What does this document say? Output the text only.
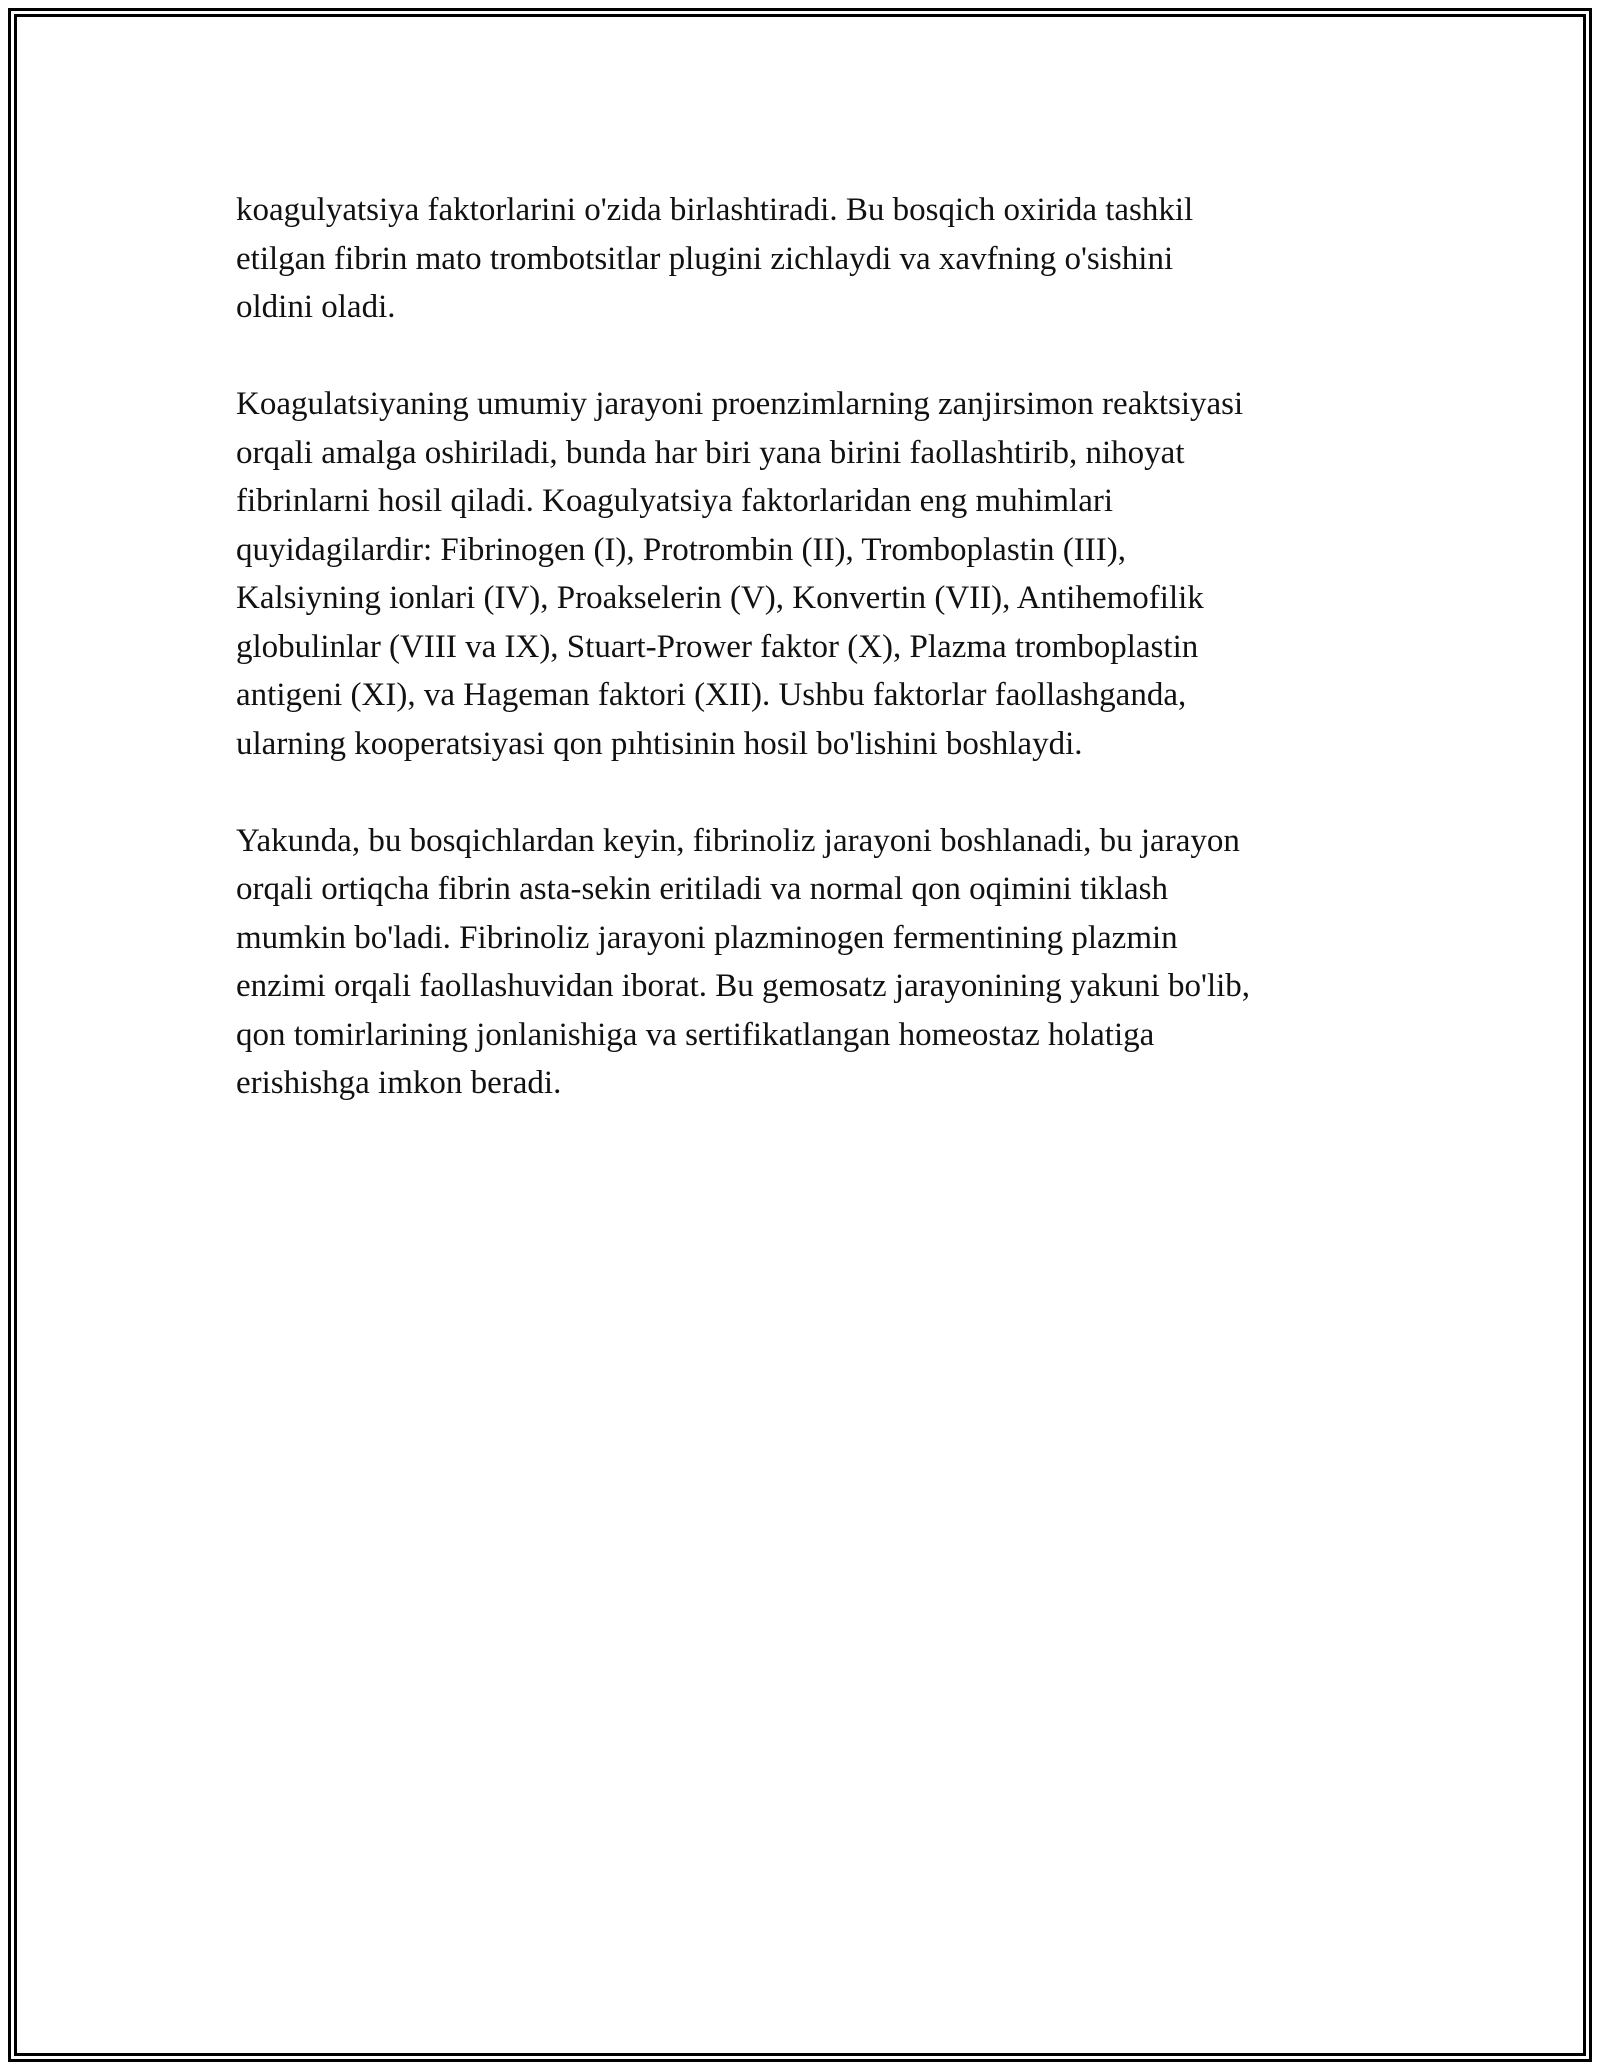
koagulyatsiya faktorlarini o'zida birlashtiradi. Bu bosqich oxirida tashkil
etilgan fibrin mato trombotsitlar plugini zichlaydi va xavfning o'sishini
oldini oladi.

Koagulatsiyaning umumiy jarayoni proenzimlarning zanjirsimon reaktsiyasi
orqali amalga oshiriladi, bunda har biri yana birini faollashtirib, nihoyat
fibrinlarni hosil qiladi. Koagulyatsiya faktorlaridan eng muhimlari
quyidagilardir: Fibrinogen (I), Protrombin (II), Tromboplastin (III),
Kalsiyning ionlari (IV), Proakselerin (V), Konvertin (VII), Antihemofilik
globulinlar (VIII va IX), Stuart-Prower faktor (X), Plazma tromboplastin
antigeni (XI), va Hageman faktori (XII). Ushbu faktorlar faollashganda,
ularning kooperatsiyasi qon pıhtisinin hosil bo'lishini boshlaydi.

Yakunda, bu bosqichlardan keyin, fibrinoliz jarayoni boshlanadi, bu jarayon
orqali ortiqcha fibrin asta-sekin eritiladi va normal qon oqimini tiklash
mumkin bo'ladi. Fibrinoliz jarayoni plazminogen fermentining plazmin
enzimi orqali faollashuvidan iborat. Bu gemosatz jarayonining yakuni bo'lib,
qon tomirlarining jonlanishiga va sertifikatlangan homeostaz holatiga
erishishga imkon beradi.
